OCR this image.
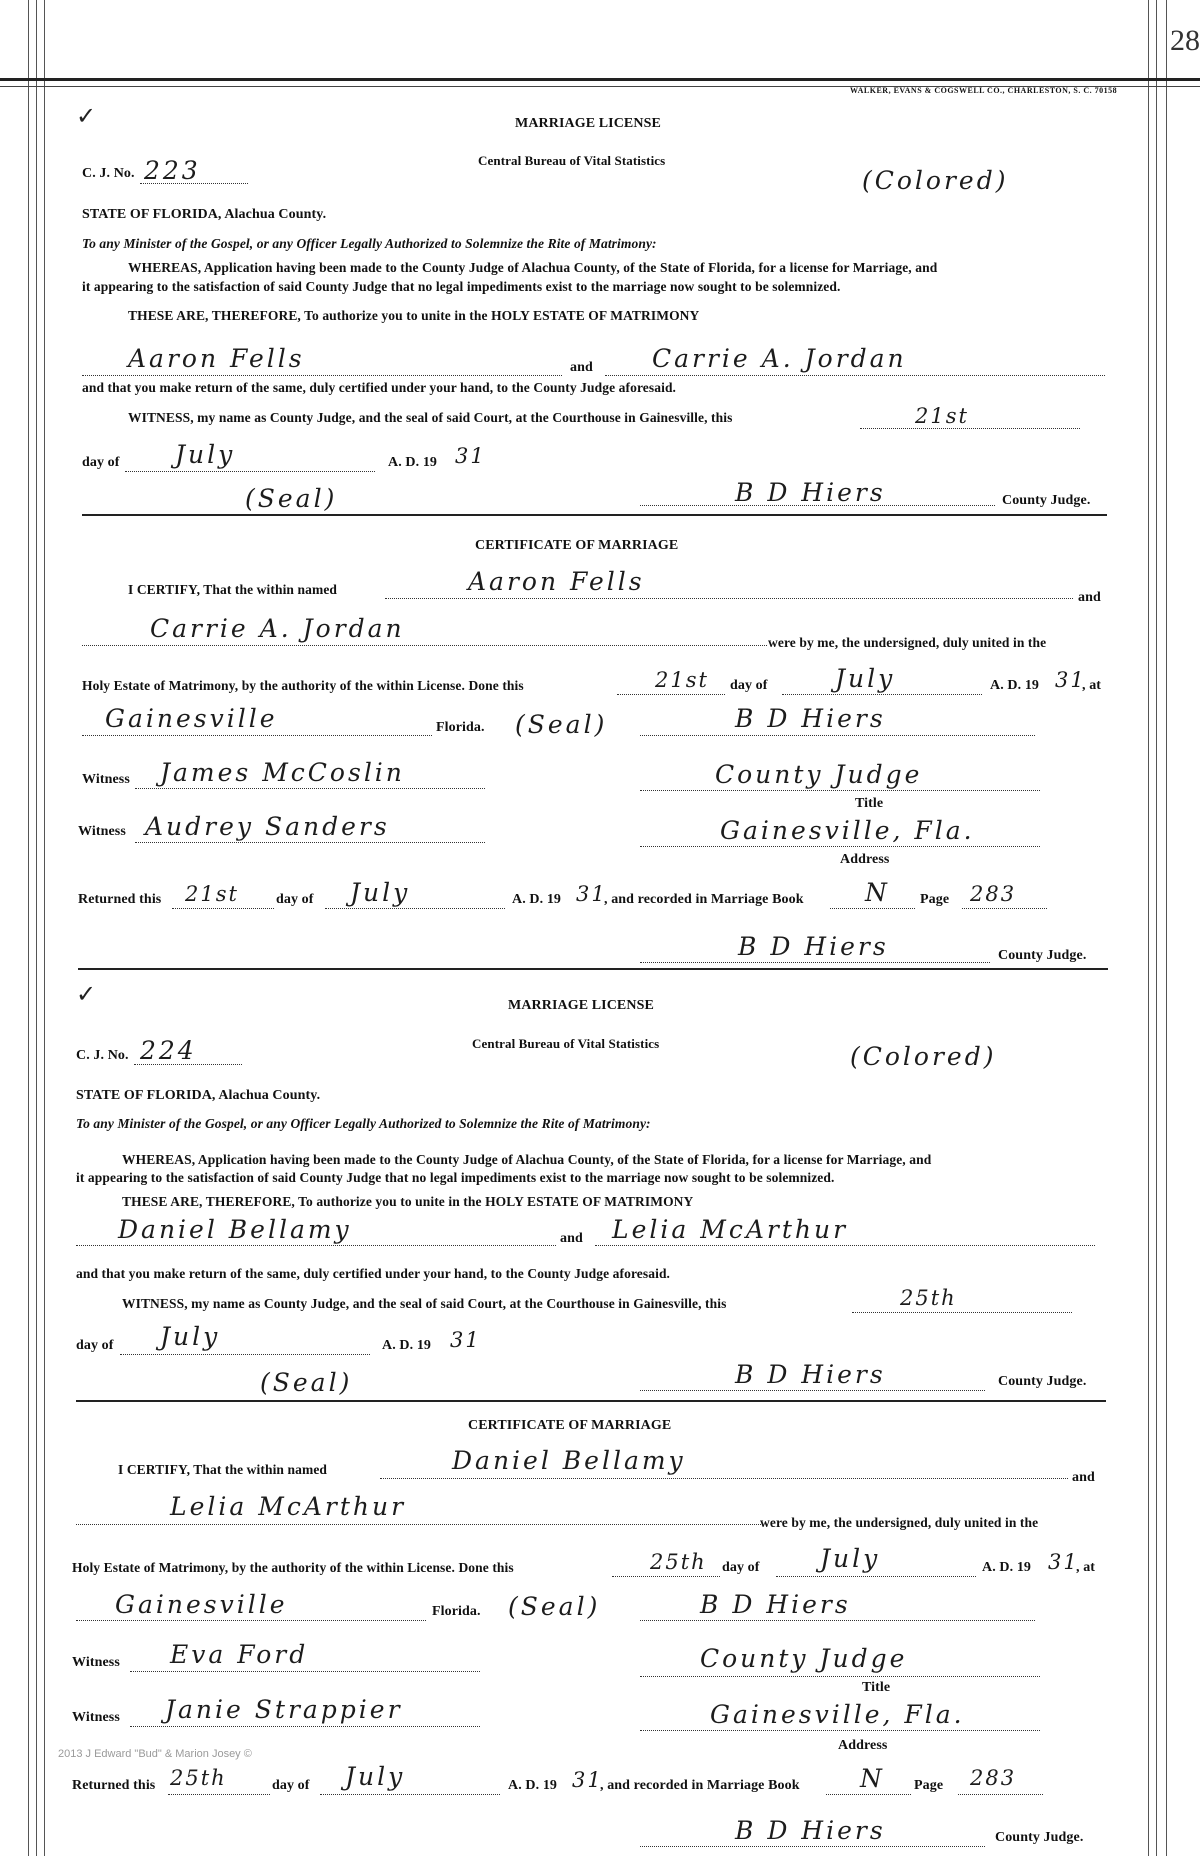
28
WALKER, EVANS & COGSWELL CO., CHARLESTON, S. C. 70158
✓	MARRIAGE LICENSE
Central Bureau of Vital Statistics
C. J. No. 223	(Colored)
STATE OF FLORIDA, Alachua County.
To any Minister of the Gospel, or any Officer Legally Authorized to Solemnize the Rite of Matrimony:
WHEREAS, Application having been made to the County Judge of Alachua County, of the State of Florida, for a license for Marriage, and
it appearing to the satisfaction of said County Judge that no legal impediments exist to the marriage now sought to be solemnized.
THESE ARE, THEREFORE, To authorize you to unite in the HOLY ESTATE OF MATRIMONY
Aaron Fells	and Carrie A. Jordan
and that you make return of the same, duly certified under your hand, to the County Judge aforesaid.
WITNESS, my name as County Judge, and the seal of said Court, at the Courthouse in Gainesville, this	21st
day of July	A. D. 19 31
(Seal)	B D Hiers	County Judge.
CERTIFICATE OF MARRIAGE
I CERTIFY, That the within named	Aaron Fells
and
Carrie A. Jordan	were by me, the undersigned, duly united in the
Holy Estate of Matrimony, by the authority of the within License. Done this	21st day of	July	A. D. 19 31
, at
Gainesville	Florida. (Seal)	B D Hiers
Witness James McCoslin	County Judge
Title
Witness Audrey Sanders	Gainesville, Fla.
Address
Returned this 21st	day of July	A. D. 19 31
, and recorded in Marriage Book N Page 283
B D Hiers	County Judge.
✓	MARRIAGE LICENSE
Central Bureau of Vital Statistics
C. J. No. 224	(Colored)
STATE OF FLORIDA, Alachua County.
To any Minister of the Gospel, or any Officer Legally Authorized to Solemnize the Rite of Matrimony:
WHEREAS, Application having been made to the County Judge of Alachua County, of the State of Florida, for a license for Marriage, and
it appearing to the satisfaction of said County Judge that no legal impediments exist to the marriage now sought to be solemnized.
THESE ARE, THEREFORE, To authorize you to unite in the HOLY ESTATE OF MATRIMONY
Daniel Bellamy	and Lelia McArthur
and that you make return of the same, duly certified under your hand, to the County Judge aforesaid.
WITNESS, my name as County Judge, and the seal of said Court, at the Courthouse in Gainesville, this	25th
day of July	A. D. 19 31
(Seal)	B D Hiers	County Judge.
CERTIFICATE OF MARRIAGE
I CERTIFY, That the within named	Daniel Bellamy
and
Lelia McArthur
were by me, the undersigned, duly united in the
Holy Estate of Matrimony, by the authority of the within License. Done this	25th day of July	A. D. 19 31
, at
Gainesville	Florida. (Seal)	B D Hiers
Witness Eva Ford	County Judge
Title
Witness Janie Strappier	Gainesville, Fla.
Address
2013 J Edward "Bud" & Marion Josey ©
Returned this 25th	day of July	A. D. 19 31
, and recorded in Marriage Book N Page 283
B D Hiers	County Judge.
